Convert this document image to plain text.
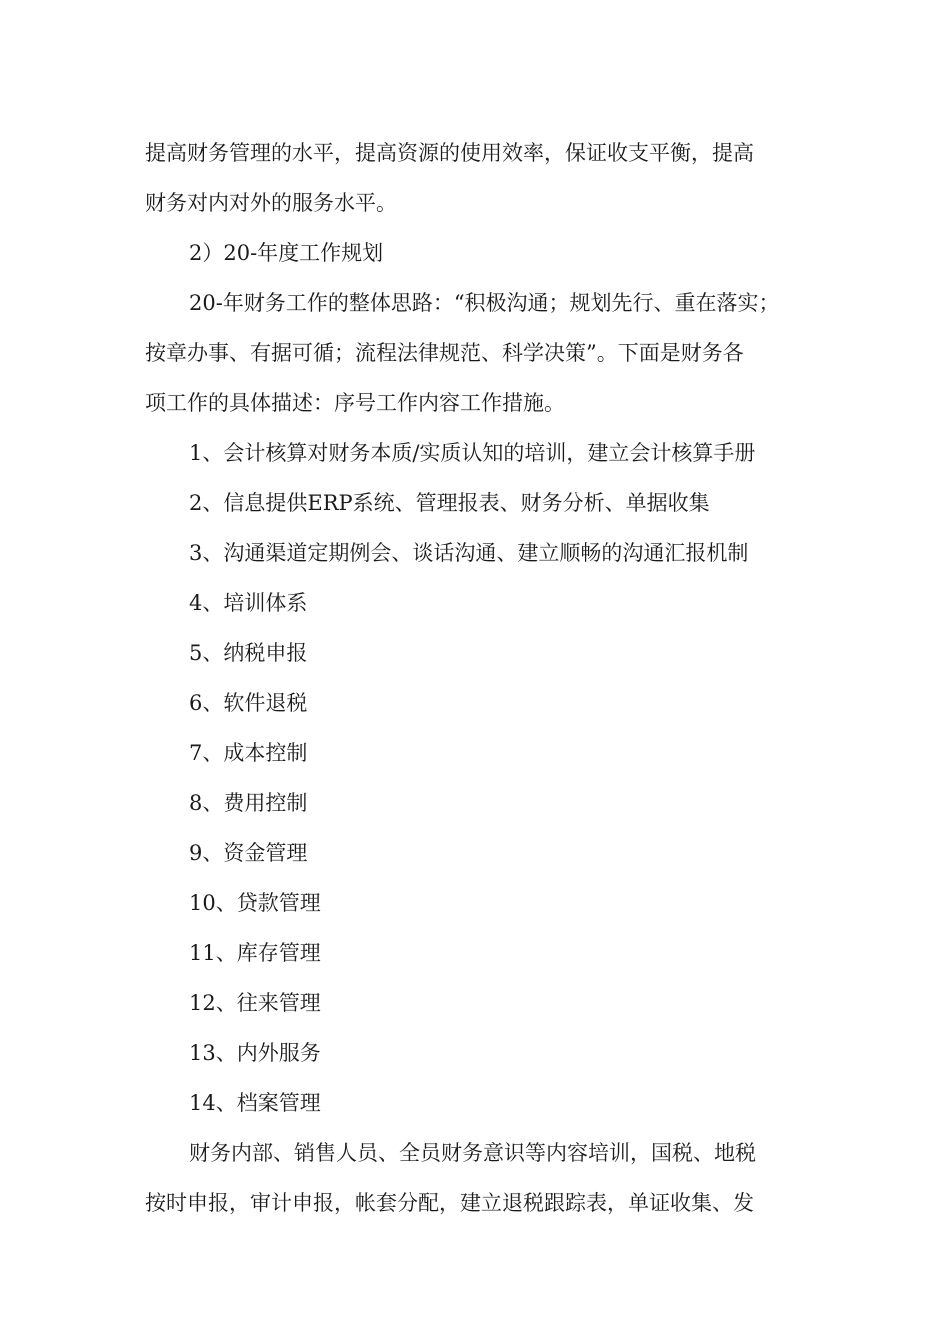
提高财务管理的水平，提高资源的使用效率，保证收支平衡，提高

财务对内对外的服务水平。

2）20-年度工作规划

20-年财务工作的整体思路：“积极沟通；规划先行、重在落实；

按章办事、有据可循；流程法律规范、科学决策”。下面是财务各

项工作的具体描述：序号工作内容工作措施。

1、会计核算对财务本质/实质认知的培训，建立会计核算手册

2、信息提供ERP系统、管理报表、财务分析、单据收集

3、沟通渠道定期例会、谈话沟通、建立顺畅的沟通汇报机制

4、培训体系

5、纳税申报

6、软件退税

7、成本控制

8、费用控制

9、资金管理

10、贷款管理

11、库存管理

12、往来管理

13、内外服务

14、档案管理

财务内部、销售人员、全员财务意识等内容培训，国税、地税

按时申报，审计申报，帐套分配，建立退税跟踪表，单证收集、发
